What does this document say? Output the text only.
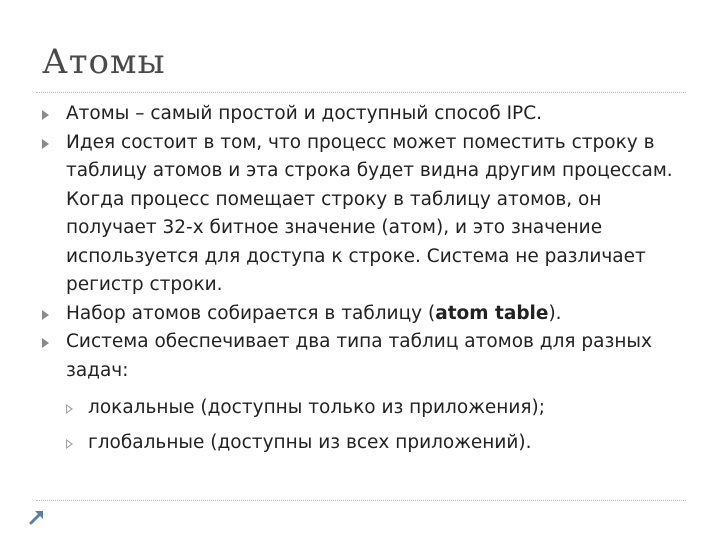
Атомы
Атомы – самый простой и доступный способ IPC.
Идея состоит в том, что процесс может поместить строку в таблицу атомов и эта строка будет видна другим процессам. Когда процесс помещает строку в таблицу атомов, он получает 32-х битное значение (атом), и это значение используется для доступа к строке. Система не различает регистр строки.
Набор атомов собирается в таблицу (atom table).
Система обеспечивает два типа таблиц атомов для разных задач:
локальные (доступны только из приложения);
глобальные (доступны из всех приложений).
